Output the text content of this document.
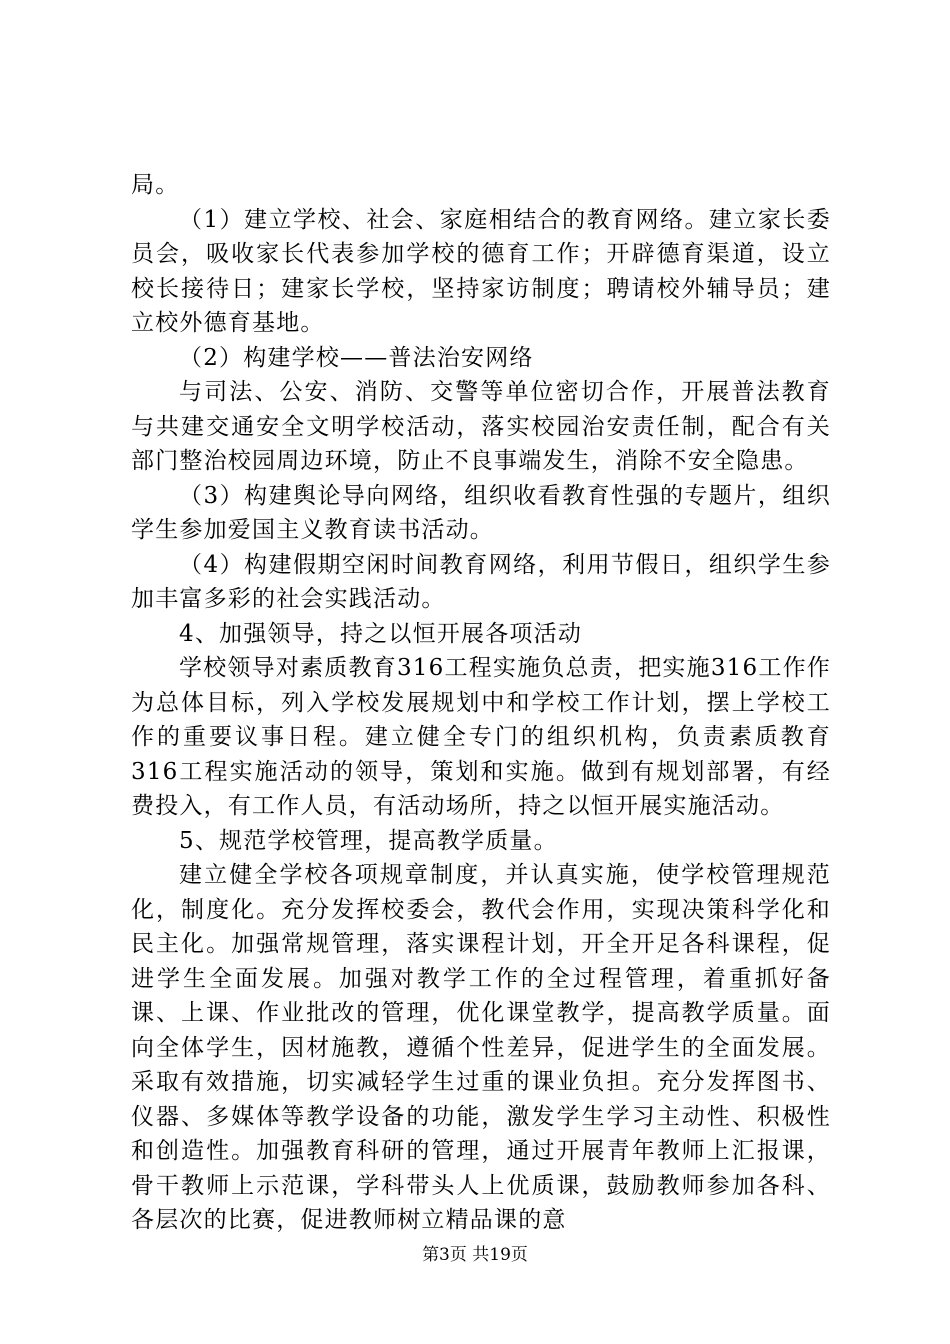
局。

（1）建立学校、社会、家庭相结合的教育网络。建立家长委员会，吸收家长代表参加学校的德育工作；开辟德育渠道，设立校长接待日；建家长学校，坚持家访制度；聘请校外辅导员；建立校外德育基地。

（2）构建学校——普法治安网络

与司法、公安、消防、交警等单位密切合作，开展普法教育与共建交通安全文明学校活动，落实校园治安责任制，配合有关部门整治校园周边环境，防止不良事端发生，消除不安全隐患。

（3）构建舆论导向网络，组织收看教育性强的专题片，组织学生参加爱国主义教育读书活动。

（4）构建假期空闲时间教育网络，利用节假日，组织学生参加丰富多彩的社会实践活动。

4、加强领导，持之以恒开展各项活动

学校领导对素质教育316工程实施负总责，把实施316工作作为总体目标，列入学校发展规划中和学校工作计划，摆上学校工作的重要议事日程。建立健全专门的组织机构，负责素质教育316工程实施活动的领导，策划和实施。做到有规划部署，有经费投入，有工作人员，有活动场所，持之以恒开展实施活动。

5、规范学校管理，提高教学质量。

建立健全学校各项规章制度，并认真实施，使学校管理规范化，制度化。充分发挥校委会，教代会作用，实现决策科学化和民主化。加强常规管理，落实课程计划，开全开足各科课程，促进学生全面发展。加强对教学工作的全过程管理，着重抓好备课、上课、作业批改的管理，优化课堂教学，提高教学质量。面向全体学生，因材施教，遵循个性差异，促进学生的全面发展。采取有效措施，切实减轻学生过重的课业负担。充分发挥图书、仪器、多媒体等教学设备的功能，激发学生学习主动性、积极性和创造性。加强教育科研的管理，通过开展青年教师上汇报课，骨干教师上示范课，学科带头人上优质课，鼓励教师参加各科、各层次的比赛，促进教师树立精品课的意

第3页 共19页
